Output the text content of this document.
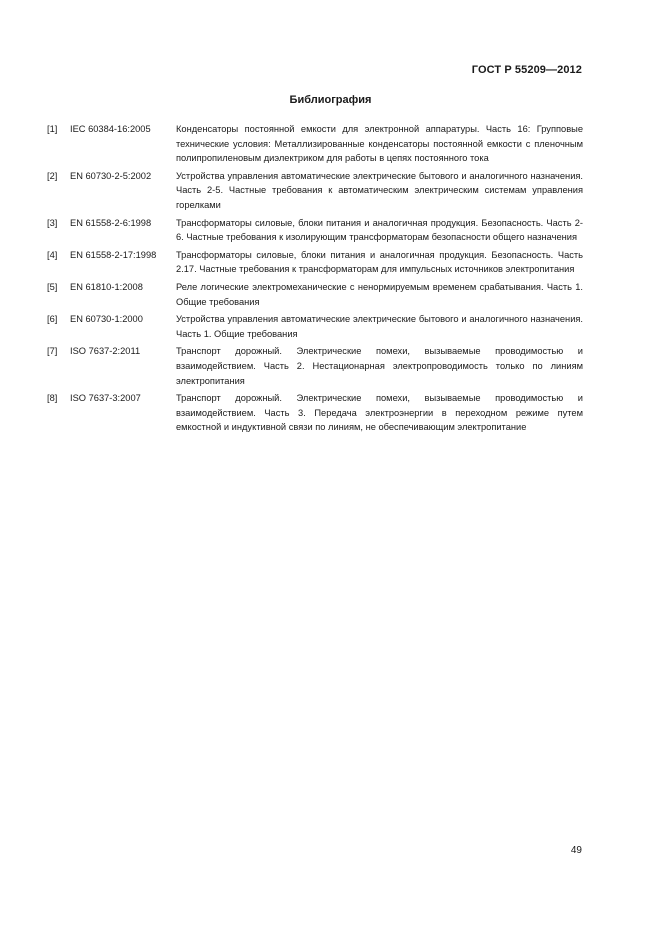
ГОСТ Р 55209—2012
Библиография
[1]	IEC 60384-16:2005	Конденсаторы постоянной емкости для электронной аппаратуры. Часть 16: Групповые технические условия: Металлизированные конденсаторы постоянной емкости с пленочным полипропиленовым диэлектриком для работы в цепях постоянного тока
[2]	EN 60730-2-5:2002	Устройства управления автоматические электрические бытового и аналогичного назначения. Часть 2-5. Частные требования к автоматическим электрическим системам управления горелками
[3]	EN 61558-2-6:1998	Трансформаторы силовые, блоки питания и аналогичная продукция. Безопасность. Часть 2-6. Частные требования к изолирующим трансформаторам безопасности общего назначения
[4]	EN 61558-2-17:1998	Трансформаторы силовые, блоки питания и аналогичная продукция. Безопасность. Часть 2.17. Частные требования к трансформаторам для импульсных источников электропитания
[5]	EN 61810-1:2008	Реле логические электромеханические с ненормируемым временем срабатывания. Часть 1. Общие требования
[6]	EN 60730-1:2000	Устройства управления автоматические электрические бытового и аналогичного назначения. Часть 1. Общие требования
[7]	ISO 7637-2:2011	Транспорт дорожный. Электрические помехи, вызываемые проводимостью и взаимодействием. Часть 2. Нестационарная электропроводимость только по линиям электропитания
[8]	ISO 7637-3:2007	Транспорт дорожный. Электрические помехи, вызываемые проводимостью и взаимодействием. Часть 3. Передача электроэнергии в переходном режиме путем емкостной и индуктивной связи по линиям, не обеспечивающим электропитание
49
